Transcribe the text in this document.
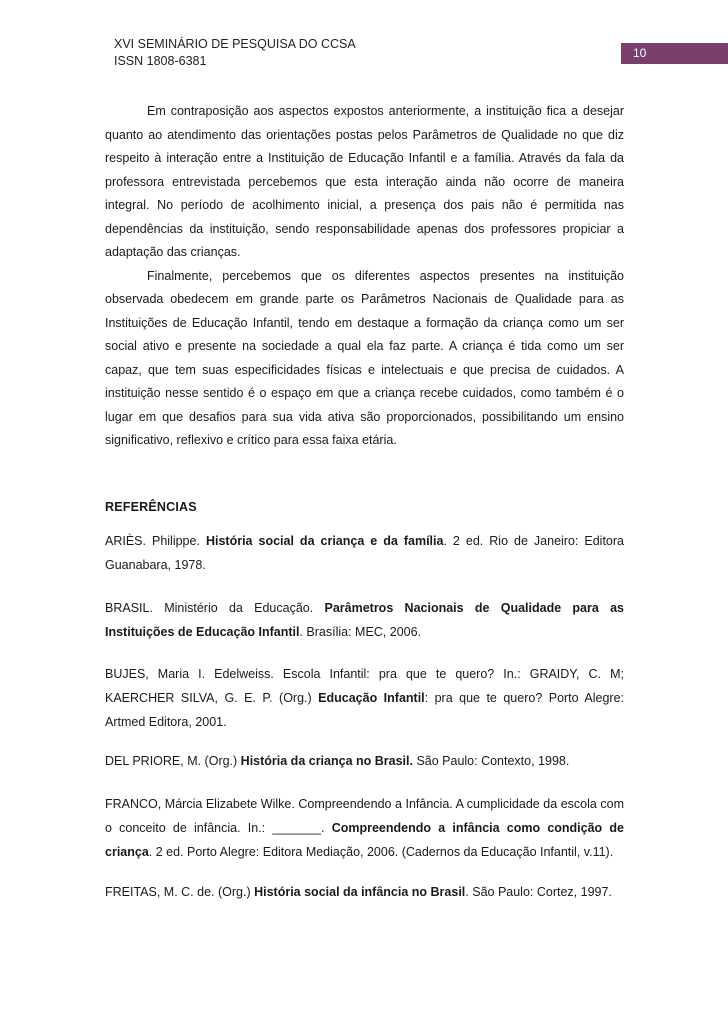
XVI SEMINÁRIO DE PESQUISA DO CCSA
ISSN 1808-6381
10

Em contraposição aos aspectos expostos anteriormente, a instituição fica a desejar quanto ao atendimento das orientações postas pelos Parâmetros de Qualidade no que diz respeito à interação entre a Instituição de Educação Infantil e a família. Através da fala da professora entrevistada percebemos que esta interação ainda não ocorre de maneira integral. No período de acolhimento inicial, a presença dos pais não é permitida nas dependências da instituição, sendo responsabilidade apenas dos professores propiciar a adaptação das crianças.

Finalmente, percebemos que os diferentes aspectos presentes na instituição observada obedecem em grande parte os Parâmetros Nacionais de Qualidade para as Instituições de Educação Infantil, tendo em destaque a formação da criança como um ser social ativo e presente na sociedade a qual ela faz parte. A criança é tida como um ser capaz, que tem suas especificidades físicas e intelectuais e que precisa de cuidados. A instituição nesse sentido é o espaço em que a criança recebe cuidados, como também é o lugar em que desafios para sua vida ativa são proporcionados, possibilitando um ensino significativo, reflexivo e crítico para essa faixa etária.

REFERÊNCIAS

ARIÈS. Philippe. História social da criança e da família. 2 ed. Rio de Janeiro: Editora Guanabara, 1978.

BRASIL. Ministério da Educação. Parâmetros Nacionais de Qualidade para as Instituições de Educação Infantil. Brasília: MEC, 2006.

BUJES, Maria I. Edelweiss. Escola Infantil: pra que te quero? In.: GRAIDY, C. M; KAERCHER SILVA, G. E. P. (Org.) Educação Infantil: pra que te quero? Porto Alegre: Artmed Editora, 2001.

DEL PRIORE, M. (Org.) História da criança no Brasil. São Paulo: Contexto, 1998.

FRANCO, Márcia Elizabete Wilke. Compreendendo a Infância. A cumplicidade da escola com o conceito de infância. In.: _______. Compreendendo a infância como condição de criança. 2 ed. Porto Alegre: Editora Mediação, 2006. (Cadernos da Educação Infantil, v.11).

FREITAS, M. C. de. (Org.) História social da infância no Brasil. São Paulo: Cortez, 1997.
